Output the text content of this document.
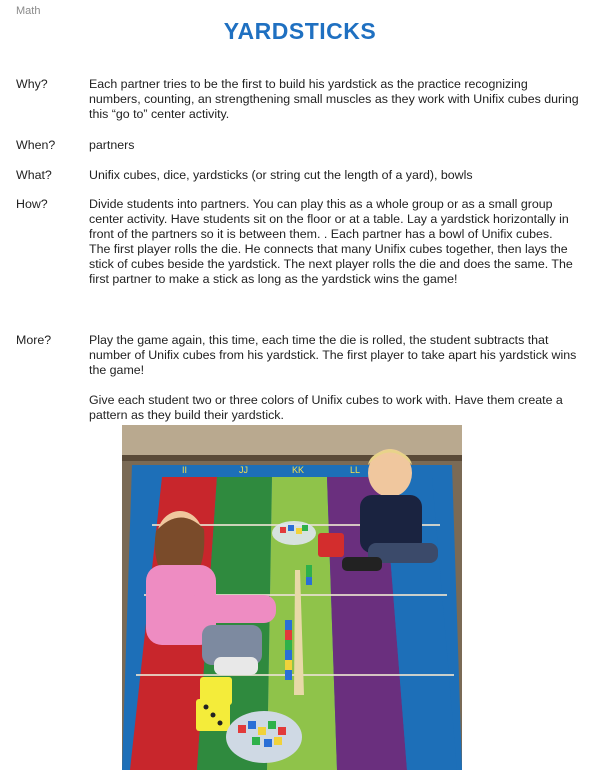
Math
YARDSTICKS
Why?	Each partner tries to be the first to build his yardstick as the practice recognizing numbers, counting, an strengthening small muscles as they work with Unifix cubes during this “go to” center activity.
When?	partners
What?	Unifix cubes, dice, yardsticks (or string cut the length of a yard), bowls
How?	Divide students into partners. You can play this as a whole group or as a small group center activity. Have students sit on the floor or at a table. Lay a yardstick horizontally in front of the partners so it is between them. . Each partner has a bowl of Unifix cubes.

The first player rolls the die. He connects that many Unifix cubes together, then lays the stick of cubes beside the yardstick. The next player rolls the die and does the same. The first partner to make a stick as long as the yardstick wins the game!

More?	Play the game again, this time, each time the die is rolled, the student subtracts that number of Unifix cubes from his yardstick. The first player to take apart his yardstick wins the game!

Give each student two or three colors of Unifix cubes to work with. Have them create a pattern as they build their yardstick.

II	JJ	KK	LL
